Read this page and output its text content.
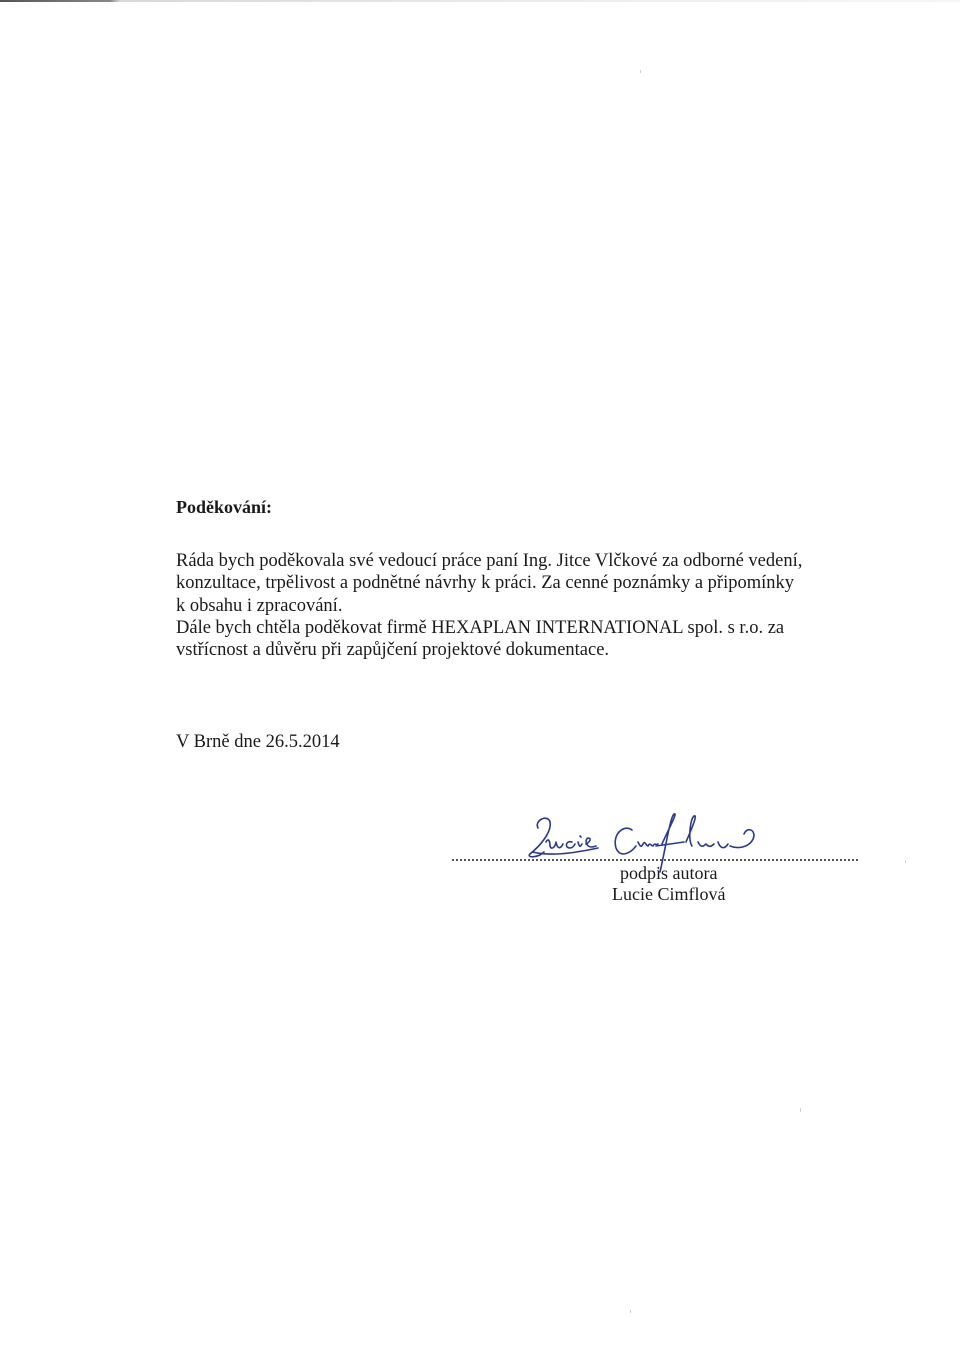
Poděkování:

Ráda bych poděkovala své vedoucí práce paní Ing. Jitce Vlčkové za odborné vedení,
konzultace, trpělivost a podnětné návrhy k práci. Za cenné poznámky a připomínky
k obsahu i zpracování.

Dále bych chtěla poděkovat firmě HEXAPLAN INTERNATIONAL spol. s r.o. za
vstřícnost a důvěru při zapůjčení projektové dokumentace.

V Brně dne 26.5.2014

podpis autora
Lucie Cimflová
